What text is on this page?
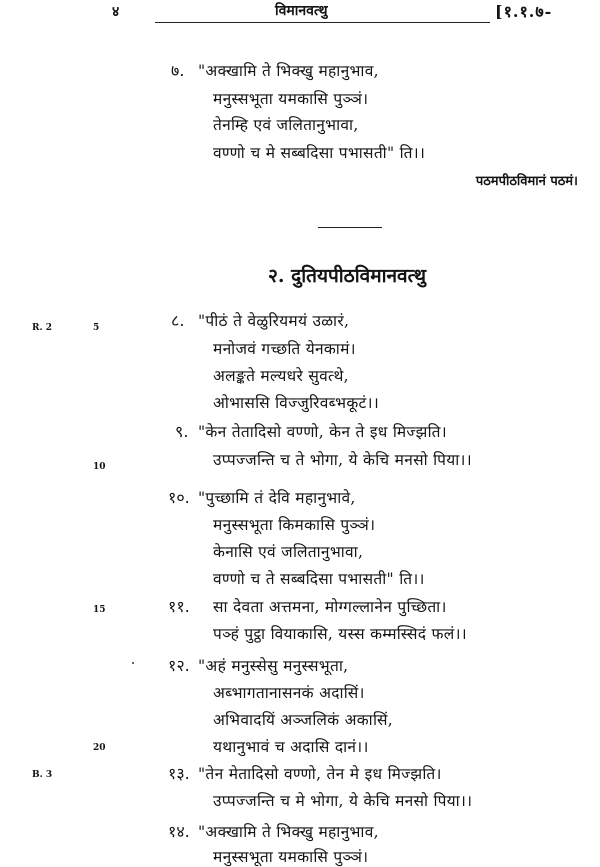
४	विमानवत्थु	[१.१.७-
७. "अक्खामि ते भिक्खु महानुभाव,
मनुस्सभूता यमकासि पुञ्ञं।
तेनम्हि एवं जलितानुभावा,
वण्णो च मे सब्बदिसा पभासती" ति।।
पठमपीठविमानं पठमं।
२. दुतियपीठविमानवत्थु
R. 2
B. 3
5
10
15
20
८. "पीठं ते वेळुरियमयं उळारं,
मनोजवं गच्छति येनकामं।
अलङ्कते मल्यधरे सुवत्थे,
ओभाससि विज्जुरिवब्भकूटं।।
९. "केन तेतादिसो वण्णो, केन ते इध मिज्झति।
उप्पज्जन्ति च ते भोगा, ये केचि मनसो पिया।।
१०. "पुच्छामि तं देवि महानुभावे,
मनुस्सभूता किमकासि पुञ्ञं।
केनासि एवं जलितानुभावा,
वण्णो च ते सब्बदिसा पभासती" ति।।
११. सा देवता अत्तमना, मोग्गल्लानेन पुच्छिता।
पञ्हं पुट्ठा वियाकासि, यस्स कम्मस्सिदं फलं।।
१२. "अहं मनुस्सेसु मनुस्सभूता,
अब्भागतानासनकं अदासिं।
अभिवादयिं अञ्जलिकं अकासिं,
यथानुभावं च अदासि दानं।।
१३. "तेन मेतादिसो वण्णो, तेन मे इध मिज्झति।
उप्पज्जन्ति च मे भोगा, ये केचि मनसो पिया।।
१४. "अक्खामि ते भिक्खु महानुभाव,
मनुस्सभूता यमकासि पुञ्ञं।
